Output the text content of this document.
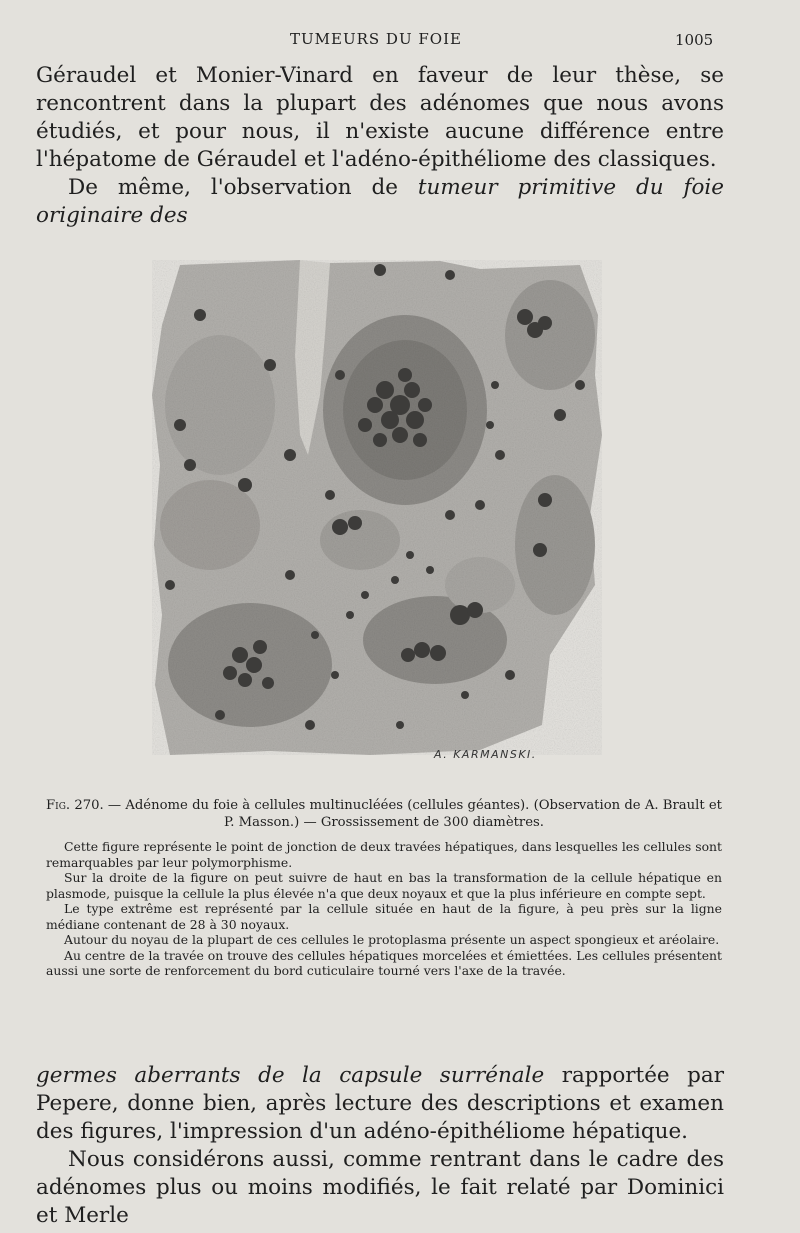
TUMEURS DU FOIE	1005

Géraudel et Monier-Vinard en faveur de leur thèse, se rencontrent dans la plupart des adénomes que nous avons étudiés, et pour nous, il n'existe aucune différence entre l'hépatome de Géraudel et l'adéno-épithéliome des classiques.

De même, l'observation de tumeur primitive du foie originaire des

A. KARMANSKI.
Fig. 270. — Adénome du foie à cellules multinucléées (cellules géantes). (Observation de A. Brault et P. Masson.) — Grossissement de 300 diamètres.

Cette figure représente le point de jonction de deux travées hépatiques, dans lesquelles les cellules sont remarquables par leur polymorphisme.

Sur la droite de la figure on peut suivre de haut en bas la transformation de la cellule hépatique en plasmode, puisque la cellule la plus élevée n'a que deux noyaux et que la plus inférieure en compte sept.

Le type extrême est représenté par la cellule située en haut de la figure, à peu près sur la ligne médiane contenant de 28 à 30 noyaux.

Autour du noyau de la plupart de ces cellules le protoplasma présente un aspect spongieux et aréolaire.

Au centre de la travée on trouve des cellules hépatiques morcelées et émiettées. Les cellules présentent aussi une sorte de renforcement du bord cuticulaire tourné vers l'axe de la travée.

germes aberrants de la capsule surrénale rapportée par Pepere, donne bien, après lecture des descriptions et examen des figures, l'impression d'un adéno-épithéliome hépatique.

Nous considérons aussi, comme rentrant dans le cadre des adénomes plus ou moins modifiés, le fait relaté par Dominici et Merle
